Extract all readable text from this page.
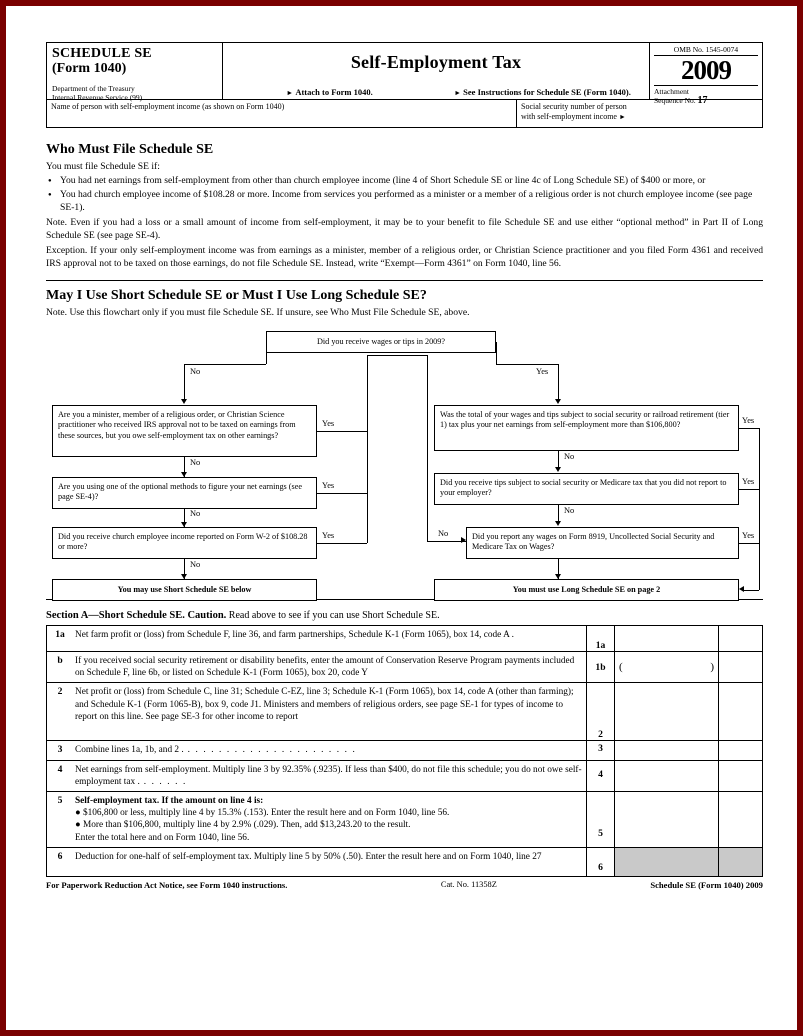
SCHEDULE SE
(Form 1040)
Department of the Treasury
Internal Revenue Service (99)
Self-Employment Tax
► Attach to Form 1040.	► See Instructions for Schedule SE (Form 1040).
OMB No. 1545-0074
2009
Attachment
Sequence No. 17
Name of person with self-employment income (as shown on Form 1040)	Social security number of person
with self-employment income ►
Who Must File Schedule SE
You must file Schedule SE if:
● You had net earnings from self-employment from other than church employee income (line 4 of Short Schedule SE or line 4c of Long Schedule SE) of $400 or more, or
● You had church employee income of $108.28 or more. Income from services you performed as a minister or a member of a religious order is not church employee income (see page SE-1).

Note. Even if you had a loss or a small amount of income from self-employment, it may be to your benefit to file Schedule SE and use either “optional method” in Part II of Long Schedule SE (see page SE-4).

Exception. If your only self-employment income was from earnings as a minister, member of a religious order, or Christian Science practitioner and you filed Form 4361 and received IRS approval not to be taxed on those earnings, do not file Schedule SE. Instead, write “Exempt—Form 4361” on Form 1040, line 56.

May I Use Short Schedule SE or Must I Use Long Schedule SE?
Note. Use this flowchart only if you must file Schedule SE. If unsure, see Who Must File Schedule SE, above.
Did you receive wages or tips in 2009?
No	Yes
Are you a minister, member of a religious order, or Christian Science practitioner who received IRS approval not to be taxed on earnings from these sources, but you owe self-employment tax on other earnings?
Are you using one of the optional methods to figure your net earnings (see page SE-4)?
Did you receive church employee income reported on Form W-2 of $108.28 or more?
You may use Short Schedule SE below
No
No
No
Yes
Yes
Yes
Was the total of your wages and tips subject to social security or railroad retirement (tier 1) tax plus your net earnings from self-employment more than $106,800?
Did you receive tips subject to social security or Medicare tax that you did not report to your employer?
Did you report any wages on Form 8919, Uncollected Social Security and Medicare Tax on Wages?
You must use Long Schedule SE on page 2
No
No
No
Yes
Yes
Yes
Section A—Short Schedule SE. Caution. Read above to see if you can use Short Schedule SE.
1a	Net farm profit or (loss) from Schedule F, line 36, and farm partnerships, Schedule K-1 (Form 1065), box 14, code A .
1a
b	If you received social security retirement or disability benefits, enter the amount of Conservation Reserve Program payments included on Schedule F, line 6b, or listed on Schedule K-1 (Form 1065), box 20, code Y
1b	(	)
2	Net profit or (loss) from Schedule C, line 31; Schedule C-EZ, line 3; Schedule K-1 (Form 1065), box 14, code A (other than farming); and Schedule K-1 (Form 1065-B), box 9, code J1. Ministers and members of religious orders, see page SE-1 for types of income to report on this line. See page SE-3 for other income to report
2
3	Combine lines 1a, 1b, and 2 . . . . . . . . . . . . . . . . . . . . . . .	3
4	Net earnings from self-employment. Multiply line 3 by 92.35% (.9235). If less than $400, do not file this schedule; you do not owe self-employment tax . . . . . . .
4
5	Self-employment tax. If the amount on line 4 is:
● $106,800 or less, multiply line 4 by 15.3% (.153). Enter the result here and on Form 1040, line 56.
● More than $106,800, multiply line 4 by 2.9% (.029). Then, add $13,243.20 to the result.
Enter the total here and on Form 1040, line 56.	5
6	Deduction for one-half of self-employment tax. Multiply line 5 by 50% (.50). Enter the result here and on Form 1040, line 27
6
For Paperwork Reduction Act Notice, see Form 1040 instructions.	Cat. No. 11358Z	Schedule SE (Form 1040) 2009
